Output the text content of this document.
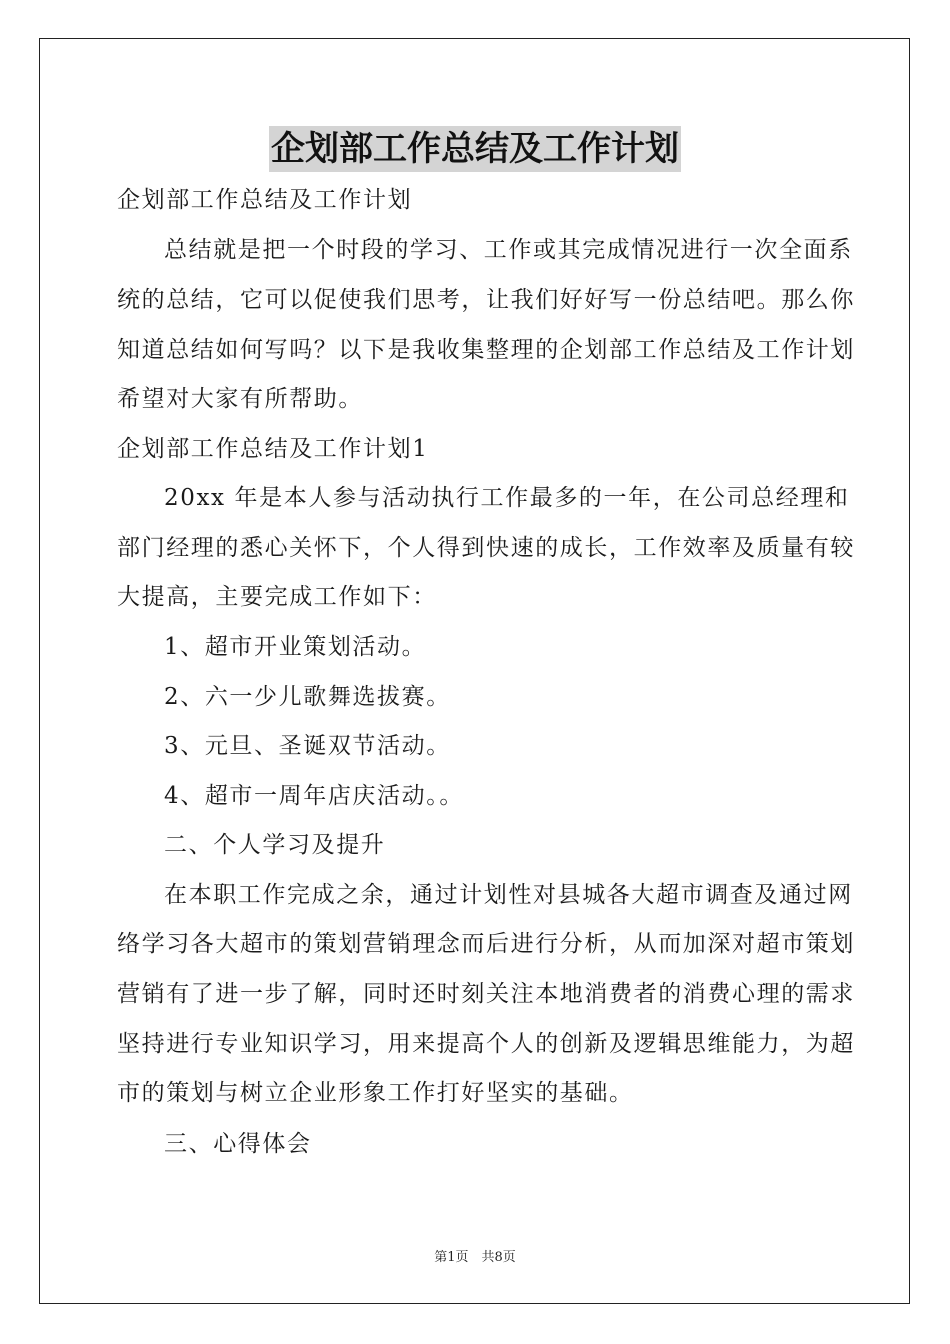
企划部工作总结及工作计划
企划部工作总结及工作计划
总结就是把一个时段的学习、工作或其完成情况进行一次全面系
统的总结，它可以促使我们思考，让我们好好写一份总结吧。那么你
知道总结如何写吗？以下是我收集整理的企划部工作总结及工作计划
希望对大家有所帮助。
企划部工作总结及工作计划1
20xx 年是本人参与活动执行工作最多的一年，在公司总经理和
部门经理的悉心关怀下，个人得到快速的成长，工作效率及质量有较
大提高，主要完成工作如下：
1、超市开业策划活动。
2、六一少儿歌舞选拔赛。
3、元旦、圣诞双节活动。
4、超市一周年店庆活动。。
二、个人学习及提升
在本职工作完成之余，通过计划性对县城各大超市调查及通过网
络学习各大超市的策划营销理念而后进行分析，从而加深对超市策划
营销有了进一步了解，同时还时刻关注本地消费者的消费心理的需求
坚持进行专业知识学习，用来提高个人的创新及逻辑思维能力，为超
市的策划与树立企业形象工作打好坚实的基础。
三、心得体会
第1页　共8页
